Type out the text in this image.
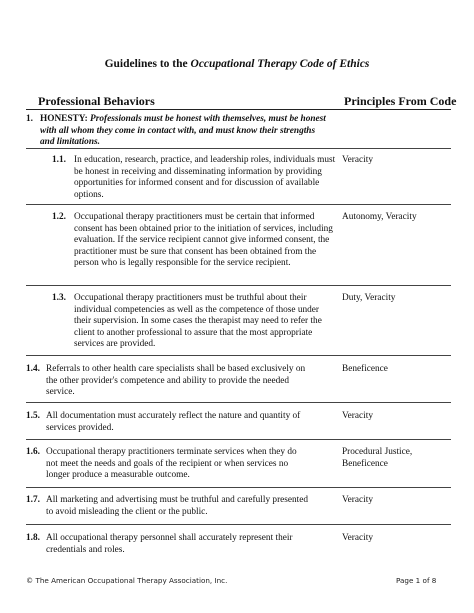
Guidelines to the Occupational Therapy Code of Ethics
Professional Behaviors	Principles From Code
1. HONESTY: Professionals must be honest with themselves, must be honest with all whom they come in contact with, and must know their strengths and limitations.
1.1. In education, research, practice, and leadership roles, individuals must be honest in receiving and disseminating information by providing opportunities for informed consent and for discussion of available options.
Veracity
1.2. Occupational therapy practitioners must be certain that informed consent has been obtained prior to the initiation of services, including evaluation. If the service recipient cannot give informed consent, the practitioner must be sure that consent has been obtained from the person who is legally responsible for the service recipient.
Autonomy, Veracity
1.3. Occupational therapy practitioners must be truthful about their individual competencies as well as the competence of those under their supervision. In some cases the therapist may need to refer the client to another professional to assure that the most appropriate services are provided.
Duty, Veracity
1.4. Referrals to other health care specialists shall be based exclusively on the other provider's competence and ability to provide the needed service.
Beneficence
1.5. All documentation must accurately reflect the nature and quantity of services provided.
Veracity
1.6. Occupational therapy practitioners terminate services when they do not meet the needs and goals of the recipient or when services no longer produce a measurable outcome.
Procedural Justice, Beneficence
1.7. All marketing and advertising must be truthful and carefully presented to avoid misleading the client or the public.
Veracity
1.8. All occupational therapy personnel shall accurately represent their credentials and roles.
Veracity
© The American Occupational Therapy Association, Inc.	Page 1 of 8
